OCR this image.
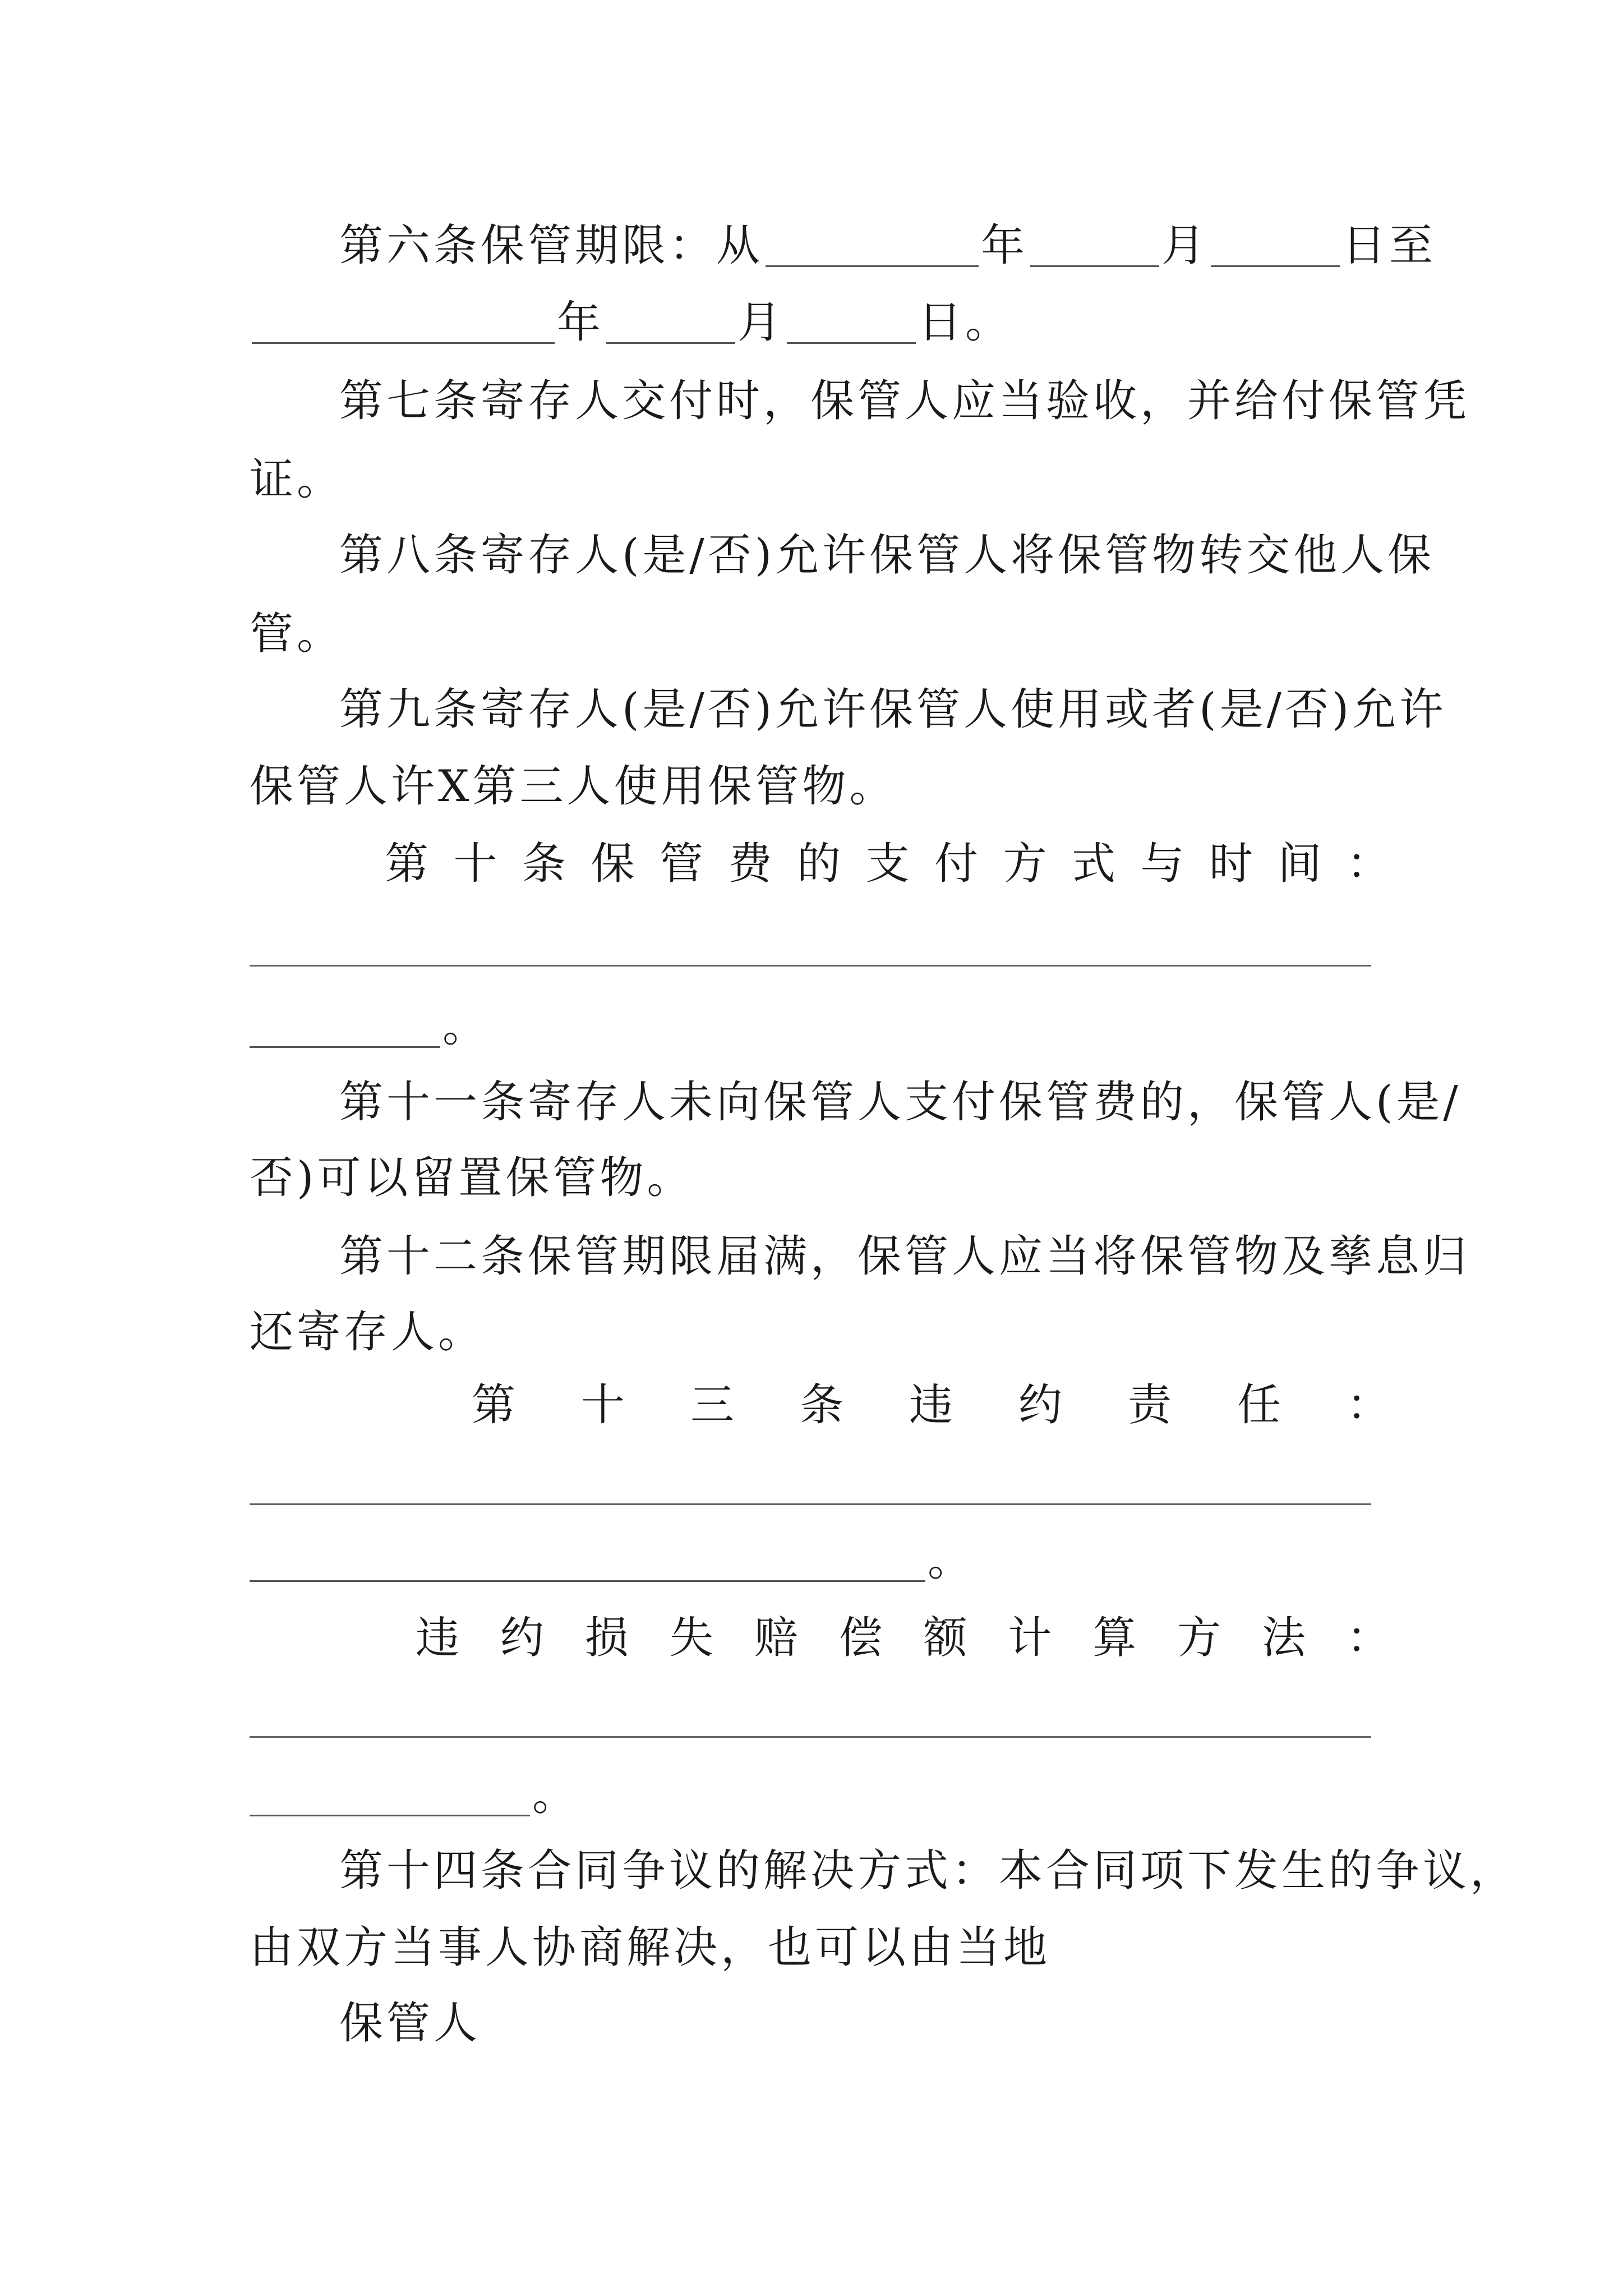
第六条保管期限：从	年	月	日至
年	月	日。
第七条寄存人交付时，保管人应当验收，并给付保管凭
证。
第八条寄存人(是/否)允许保管人将保管物转交他人保
管。
第九条寄存人(是/否)允许保管人使用或者(是/否)允许
保管人许X第三人使用保管物。
第 十 条 保 管 费 的 支 付 方 式 与 时 间 ：
。
第十一条寄存人未向保管人支付保管费的，保管人(是/
否)可以留置保管物。
第十二条保管期限届满，保管人应当将保管物及孳息归
还寄存人。
第 十 三 条 违 约 责 任 ：
。
违 约 损 失 赔 偿 额 计 算 方 法 ：
。
第十四条合同争议的解决方式：本合同项下发生的争议，
由双方当事人协商解决，也可以由当地
保管人
